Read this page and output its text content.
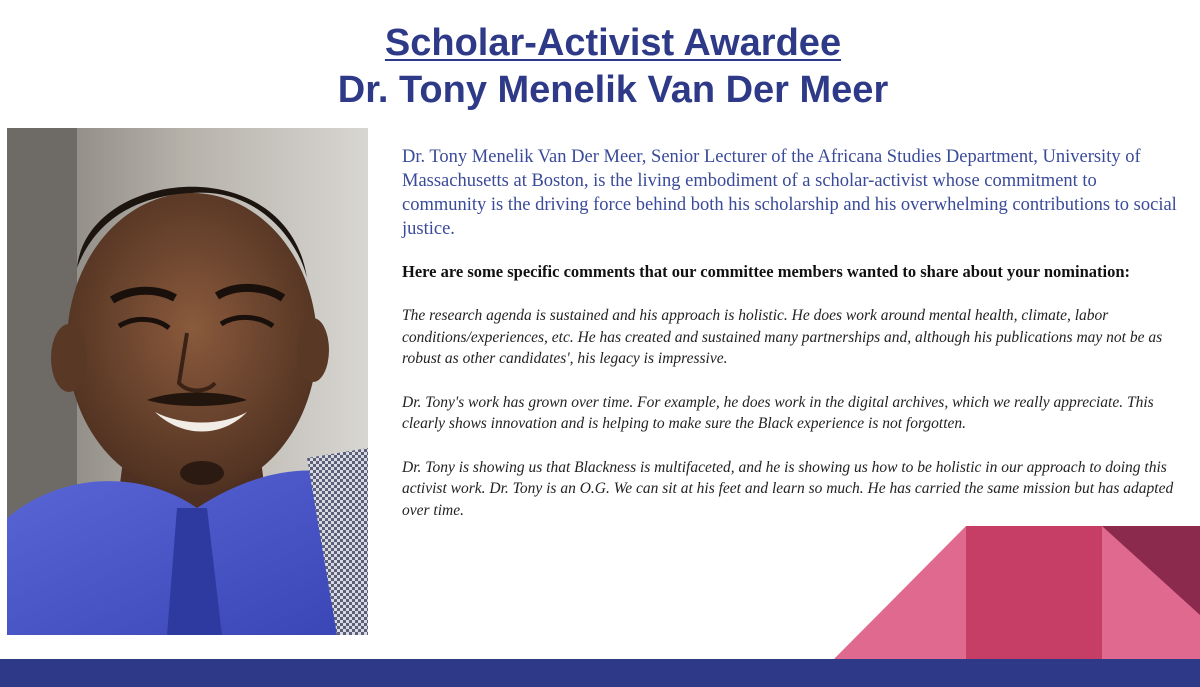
Scholar-Activist Awardee
Dr. Tony Menelik Van Der Meer

Dr. Tony Menelik Van Der Meer, Senior Lecturer of the Africana Studies Department, University of Massachusetts at Boston, is the living embodiment of a scholar-activist whose commitment to community is the driving force behind both his scholarship and his overwhelming contributions to social justice.

Here are some specific comments that our committee members wanted to share about your nomination:

The research agenda is sustained and his approach is holistic. He does work around mental health, climate, labor conditions/experiences, etc. He has created and sustained many partnerships and, although his publications may not be as robust as other candidates', his legacy is impressive.

Dr. Tony's work has grown over time. For example, he does work in the digital archives, which we really appreciate. This clearly shows innovation and is helping to make sure the Black experience is not forgotten.

Dr. Tony is showing us that Blackness is multifaceted, and he is showing us how to be holistic in our approach to doing this activist work. Dr. Tony is an O.G. We can sit at his feet and learn so much. He has carried the same mission but has adapted over time.
